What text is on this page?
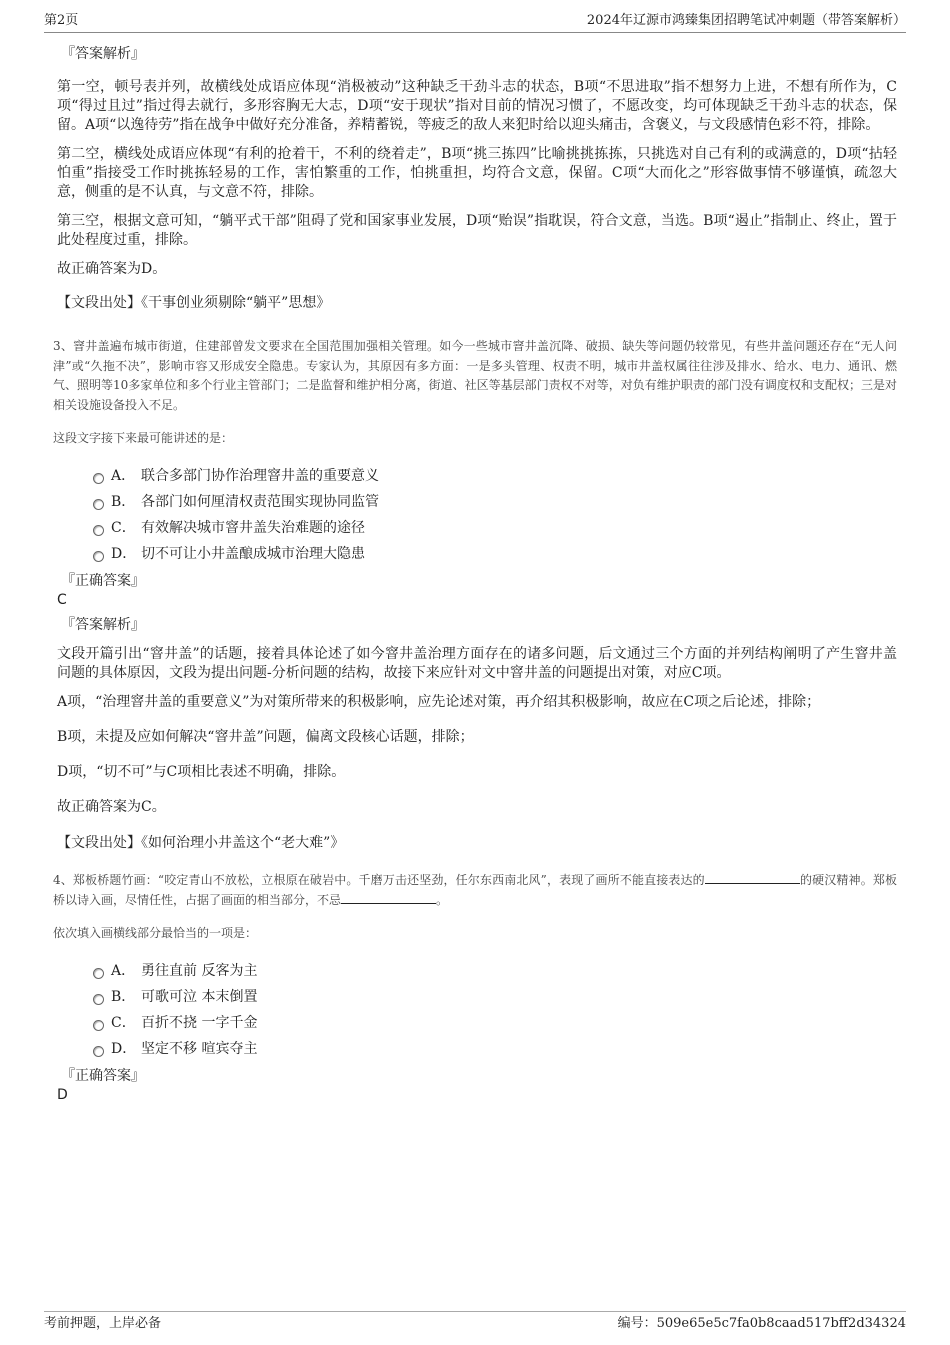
第2页	2024年辽源市鸿臻集团招聘笔试冲刺题（带答案解析）
『答案解析』

第一空，顿号表并列，故横线处成语应体现“消极被动”这种缺乏干劲斗志的状态，B项“不思进取”指不想努力上进，不想有所作为，C项“得过且过”指过得去就行，多形容胸无大志，D项“安于现状”指对目前的情况习惯了，不愿改变，均可体现缺乏干劲斗志的状态，保留。A项“以逸待劳”指在战争中做好充分准备，养精蓄锐，等疲乏的敌人来犯时给以迎头痛击，含褒义，与文段感情色彩不符，排除。

第二空，横线处成语应体现“有利的抢着干，不利的绕着走”，B项“挑三拣四”比喻挑挑拣拣，只挑选对自己有利的或满意的，D项“拈轻怕重”指接受工作时挑拣轻易的工作，害怕繁重的工作，怕挑重担，均符合文意，保留。C项“大而化之”形容做事情不够谨慎，疏忽大意，侧重的是不认真，与文意不符，排除。

第三空，根据文意可知，“躺平式干部”阻碍了党和国家事业发展，D项“贻误”指耽误，符合文意，当选。B项“遏止”指制止、终止，置于此处程度过重，排除。

故正确答案为D。

【文段出处】《干事创业须剔除“躺平”思想》

3、窨井盖遍布城市街道，住建部曾发文要求在全国范围加强相关管理。如今一些城市窨井盖沉降、破损、缺失等问题仍较常见，有些井盖问题还存在“无人问津”或“久拖不决”，影响市容又形成安全隐患。专家认为，其原因有多方面：一是多头管理、权责不明，城市井盖权属往往涉及排水、给水、电力、通讯、燃气、照明等10多家单位和多个行业主管部门；二是监督和维护相分离，街道、社区等基层部门责权不对等，对负有维护职责的部门没有调度权和支配权；三是对相关设施设备投入不足。

这段文字接下来最可能讲述的是：

A． 联合多部门协作治理窨井盖的重要意义
B． 各部门如何厘清权责范围实现协同监管
C． 有效解决城市窨井盖失治难题的途径
D． 切不可让小井盖酿成城市治理大隐患
『正确答案』
C
『答案解析』

文段开篇引出“窨井盖”的话题，接着具体论述了如今窨井盖治理方面存在的诸多问题，后文通过三个方面的并列结构阐明了产生窨井盖问题的具体原因，文段为提出问题-分析问题的结构，故接下来应针对文中窨井盖的问题提出对策，对应C项。

A项，“治理窨井盖的重要意义”为对策所带来的积极影响，应先论述对策，再介绍其积极影响，故应在C项之后论述，排除；

B项，未提及应如何解决“窨井盖”问题，偏离文段核心话题，排除；

D项，“切不可”与C项相比表述不明确，排除。

故正确答案为C。

【文段出处】《如何治理小井盖这个“老大难”》

4、郑板桥题竹画：“咬定青山不放松，立根原在破岩中。千磨万击还坚劲，任尔东西南北风”，表现了画所不能直接表达的	的硬汉精神。郑板桥以诗入画，尽情任性，占据了画面的相当部分，不忌	。

依次填入画横线部分最恰当的一项是：

A． 勇往直前 反客为主
B． 可歌可泣 本末倒置
C． 百折不挠 一字千金
D． 坚定不移 喧宾夺主
『正确答案』
D
考前押题，上岸必备	编号：509e65e5c7fa0b8caad517bff2d34324
